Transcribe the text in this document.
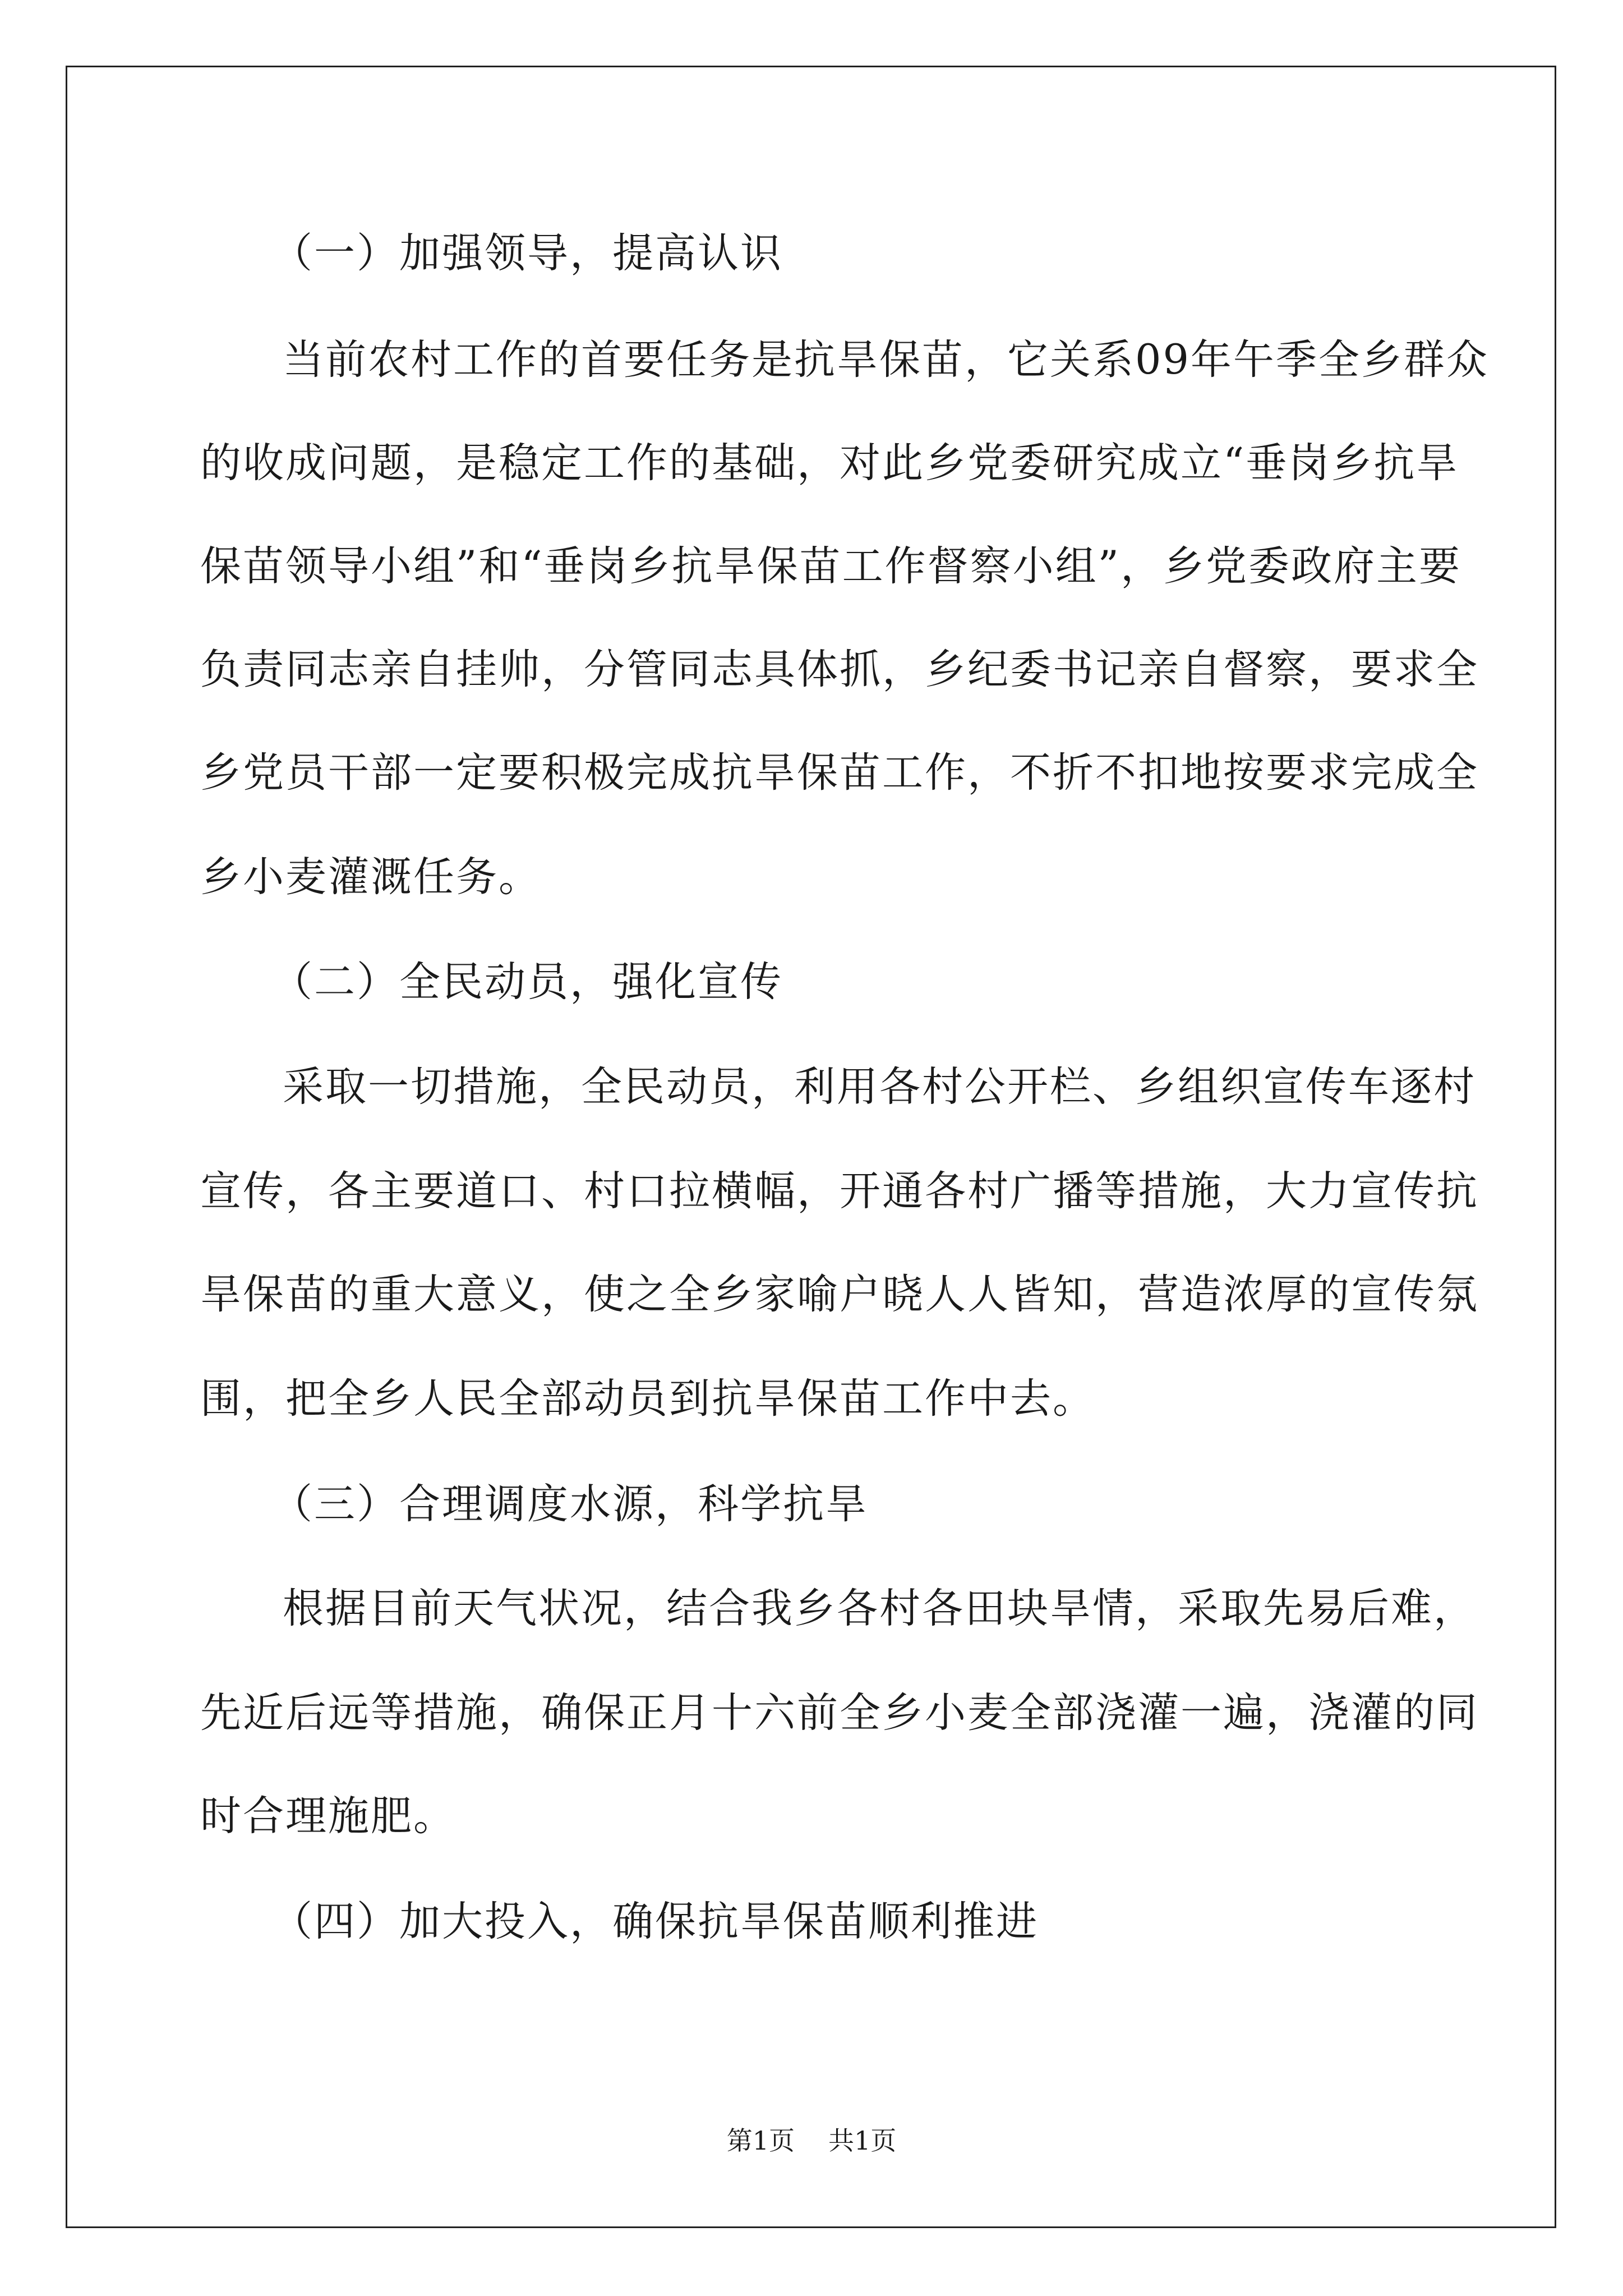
（一）加强领导，提高认识
当前农村工作的首要任务是抗旱保苗，它关系09年午季全乡群众
的收成问题，是稳定工作的基础，对此乡党委研究成立“垂岗乡抗旱
保苗领导小组”和“垂岗乡抗旱保苗工作督察小组”，乡党委政府主要
负责同志亲自挂帅，分管同志具体抓，乡纪委书记亲自督察，要求全
乡党员干部一定要积极完成抗旱保苗工作，不折不扣地按要求完成全
乡小麦灌溉任务。
（二）全民动员，强化宣传
采取一切措施，全民动员，利用各村公开栏、乡组织宣传车逐村
宣传，各主要道口、村口拉横幅，开通各村广播等措施，大力宣传抗
旱保苗的重大意义，使之全乡家喻户晓人人皆知，营造浓厚的宣传氛
围，把全乡人民全部动员到抗旱保苗工作中去。
（三）合理调度水源，科学抗旱
根据目前天气状况，结合我乡各村各田块旱情，采取先易后难，
先近后远等措施，确保正月十六前全乡小麦全部浇灌一遍，浇灌的同
时合理施肥。
（四）加大投入，确保抗旱保苗顺利推进
第1页 共1页
